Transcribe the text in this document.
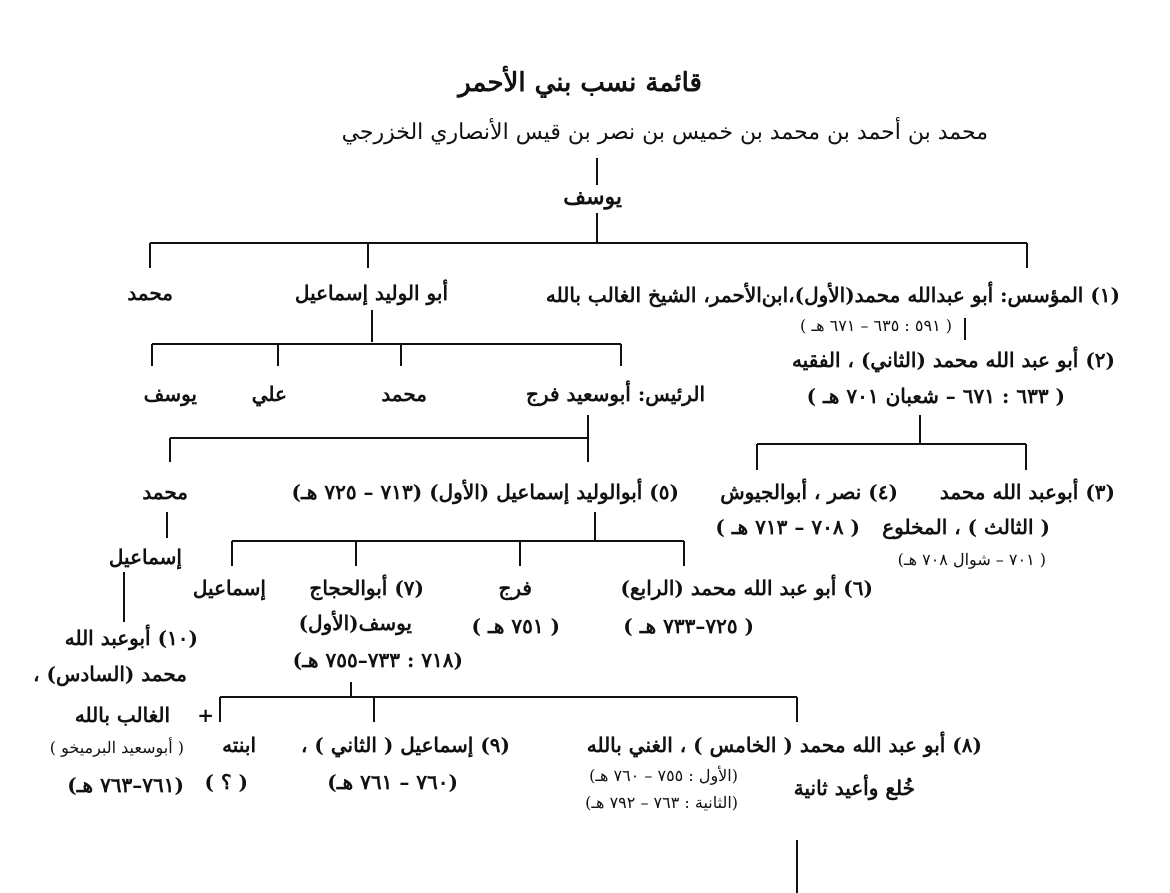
قائمة نسب بني الأحمر
محمد بن أحمد بن محمد بن خميس بن نصر بن قيس الأنصاري الخزرجي
يوسف
(١) المؤسس: أبو عبدالله محمد(الأول)،ابن‌الأحمر، الشيخ الغالب بالله
( ٥٩١ : ٦٣٥ – ٦٧١ هـ )
أبو الوليد إسماعيل
محمد
(٢) أبو عبد الله محمد (الثاني) ، الفقيه
( ٦٣٣ : ٦٧١ – شعبان ٧٠١ هـ )
الرئيس: أبوسعيد فرج
محمد
علي
يوسف
(٣) أبوعبد الله محمد
( الثالث ) ، المخلوع
( ٧٠١ – شوال ٧٠٨ هـ)
(٤) نصر ، أبوالجيوش
( ٧٠٨ – ٧١٣ هـ )
(٥) أبوالوليد إسماعيل (الأول) (٧١٣ – ٧٢٥ هـ)
محمد
إسماعيل
(٦) أبو عبد الله محمد (الرابع)
( ٧٢٥–٧٣٣ هـ )
فرج
( ٧٥١ هـ )
(٧) أبوالحجاج
يوسف(الأول)
(٧١٨ : ٧٣٣–٧٥٥ هـ)
إسماعيل
(١٠) أبوعبد الله
محمد (السادس) ،
الغالب بالله
( أبوسعيد البرميخو )
(٧٦١–٧٦٣ هـ)
(٨) أبو عبد الله محمد ( الخامس ) ، الغني بالله
(الأول : ٧٥٥ – ٧٦٠ هـ)
(الثانية : ٧٦٣ – ٧٩٢ هـ)
خُلع وأعيد ثانية
(٩) إسماعيل ( الثاني ) ،
(٧٦٠ – ٧٦١ هـ)
ابنته
( ؟ )
+
